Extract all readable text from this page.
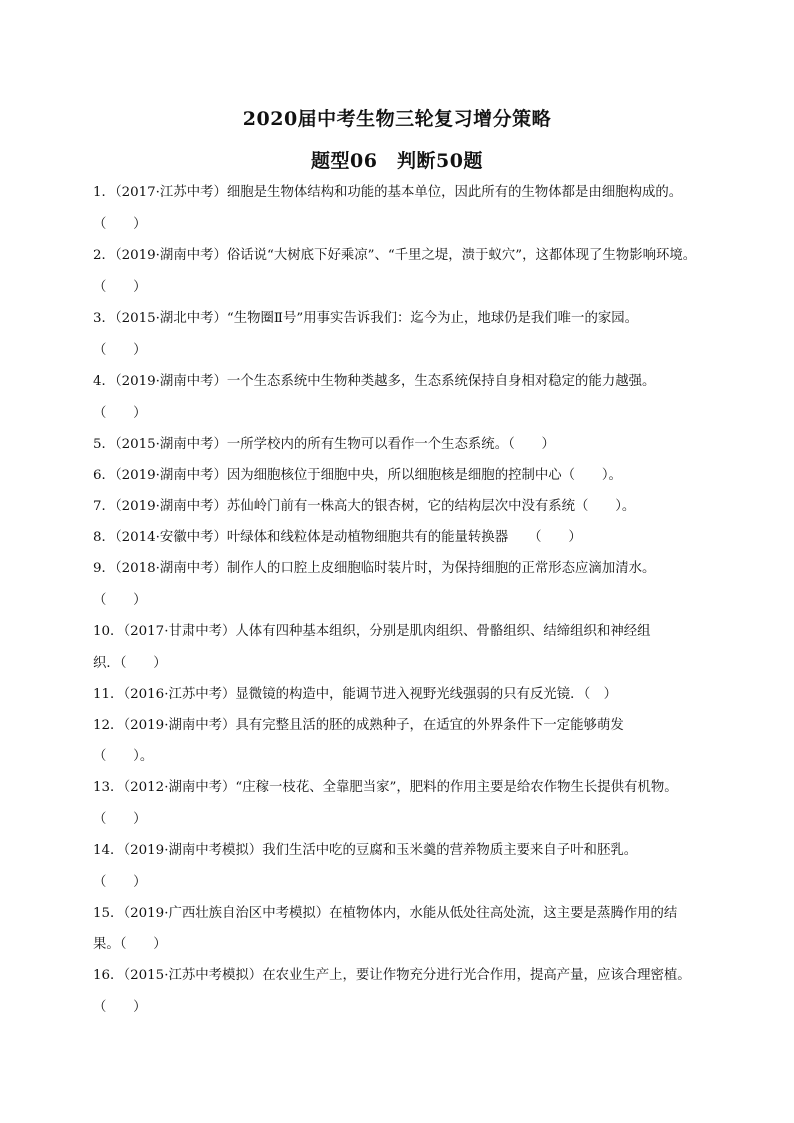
2020届中考生物三轮复习增分策略
题型06　判断50题
1．（2017·江苏中考）细胞是生物体结构和功能的基本单位，因此所有的生物体都是由细胞构成的。
（　　）
2．（2019·湖南中考）俗话说“大树底下好乘凉”、“千里之堤，溃于蚁穴”，这都体现了生物影响环境。
（　　）
3．（2015·湖北中考）“生物圈Ⅱ号”用事实告诉我们：迄今为止，地球仍是我们唯一的家园。
（　　）
4．（2019·湖南中考）一个生态系统中生物种类越多，生态系统保持自身相对稳定的能力越强。
（　　）
5．（2015·湖南中考）一所学校内的所有生物可以看作一个生态系统。（　　）
6．（2019·湖南中考）因为细胞核位于细胞中央，所以细胞核是细胞的控制中心（　　）。
7．（2019·湖南中考）苏仙岭门前有一株高大的银杏树，它的结构层次中没有系统（　　）。
8．（2014·安徽中考）叶绿体和线粒体是动植物细胞共有的能量转换器　　（　　）
9．（2018·湖南中考）制作人的口腔上皮细胞临时装片时，为保持细胞的正常形态应滴加清水。
（　　）
10．（2017·甘肃中考）人体有四种基本组织，分别是肌肉组织、骨骼组织、结缔组织和神经组
织．（　　）
11．（2016·江苏中考）显微镜的构造中，能调节进入视野光线强弱的只有反光镜．（　）
12．（2019·湖南中考）具有完整且活的胚的成熟种子，在适宜的外界条件下一定能够萌发
（　　）。
13．（2012·湖南中考）“庄稼一枝花、全靠肥当家”，肥料的作用主要是给农作物生长提供有机物。
（　　）
14．（2019·湖南中考模拟）我们生活中吃的豆腐和玉米羹的营养物质主要来自子叶和胚乳。
（　　）
15．（2019·广西壮族自治区中考模拟）在植物体内，水能从低处往高处流，这主要是蒸腾作用的结
果。（　　）
16．（2015·江苏中考模拟）在农业生产上，要让作物充分进行光合作用，提高产量，应该合理密植。
（　　）
